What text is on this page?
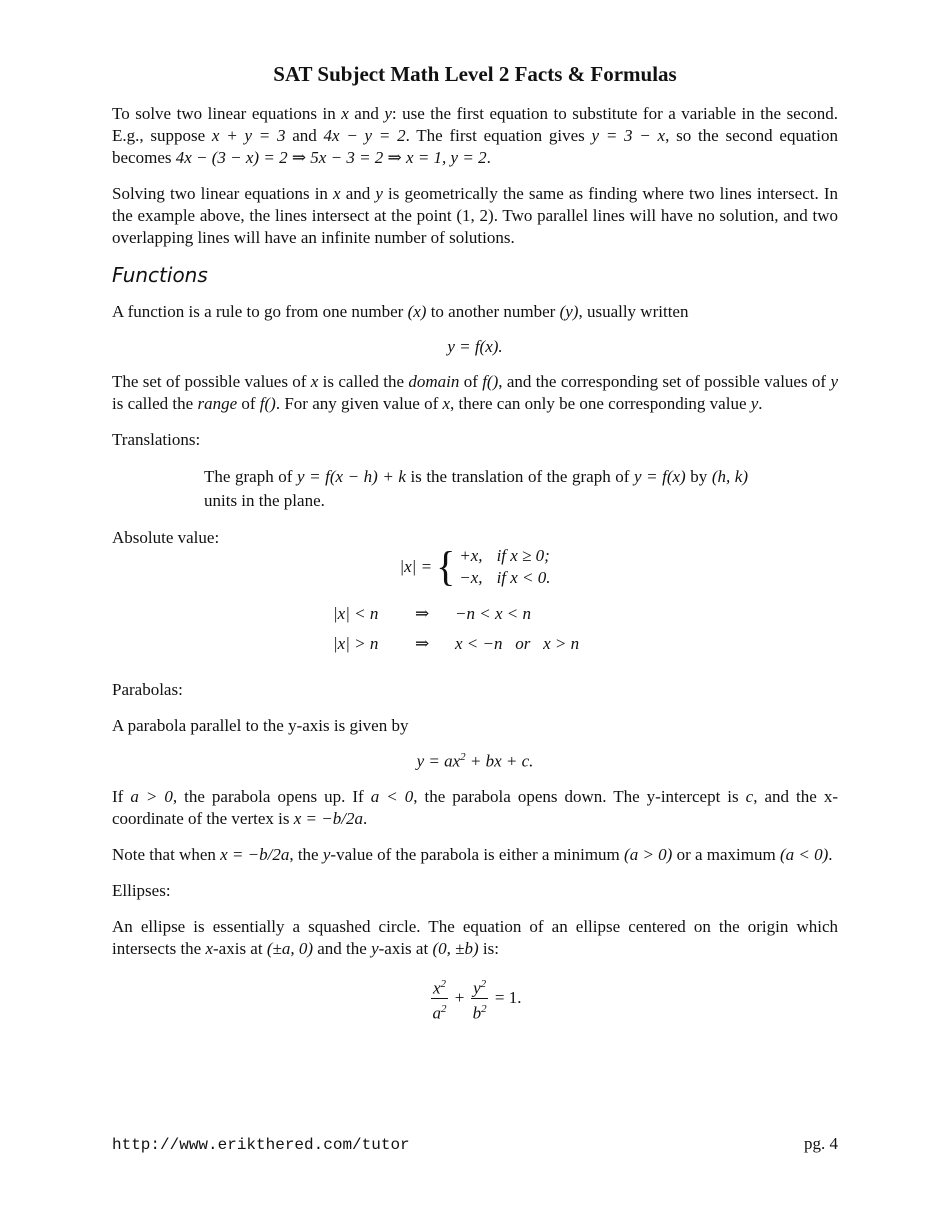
SAT Subject Math Level 2 Facts & Formulas

To solve two linear equations in x and y: use the first equation to substitute for a variable in the second. E.g., suppose x + y = 3 and 4x − y = 2. The first equation gives y = 3 − x, so the second equation becomes 4x − (3 − x) = 2 ⇒ 5x − 3 = 2 ⇒ x = 1, y = 2.

Solving two linear equations in x and y is geometrically the same as finding where two lines intersect. In the example above, the lines intersect at the point (1, 2). Two parallel lines will have no solution, and two overlapping lines will have an infinite number of solutions.

Functions

A function is a rule to go from one number (x) to another number (y), usually written

y = f(x).

The set of possible values of x is called the domain of f(), and the corresponding set of possible values of y is called the range of f(). For any given value of x, there can only be one corresponding value y.

Translations:

The graph of y = f(x − h) + k is the translation of the graph of y = f(x) by (h, k) units in the plane.

Absolute value:

|x| = { +x, if x ≥ 0;
−x, if x < 0.
|x| < n ⇒ −n < x < n
|x| > n ⇒ x < −n   or   x > n

Parabolas:

A parabola parallel to the y-axis is given by

$y = ax^2$ + bx + c.

If a > 0, the parabola opens up. If a < 0, the parabola opens down. The y-intercept is c, and the x-coordinate of the vertex is x = −b/2a.

Note that when x = −b/2a, the y-value of the parabola is either a minimum (a > 0) or a maximum (a < 0).

Ellipses:

An ellipse is essentially a squashed circle. The equation of an ellipse centered on the origin which intersects the x-axis at (±a, 0) and the y-axis at (0, ±b) is:

$\frac{x^2}{a^2} + \frac{y^2}{b^2} = 1$.
http://www.erikthered.com/tutor	pg. 4
